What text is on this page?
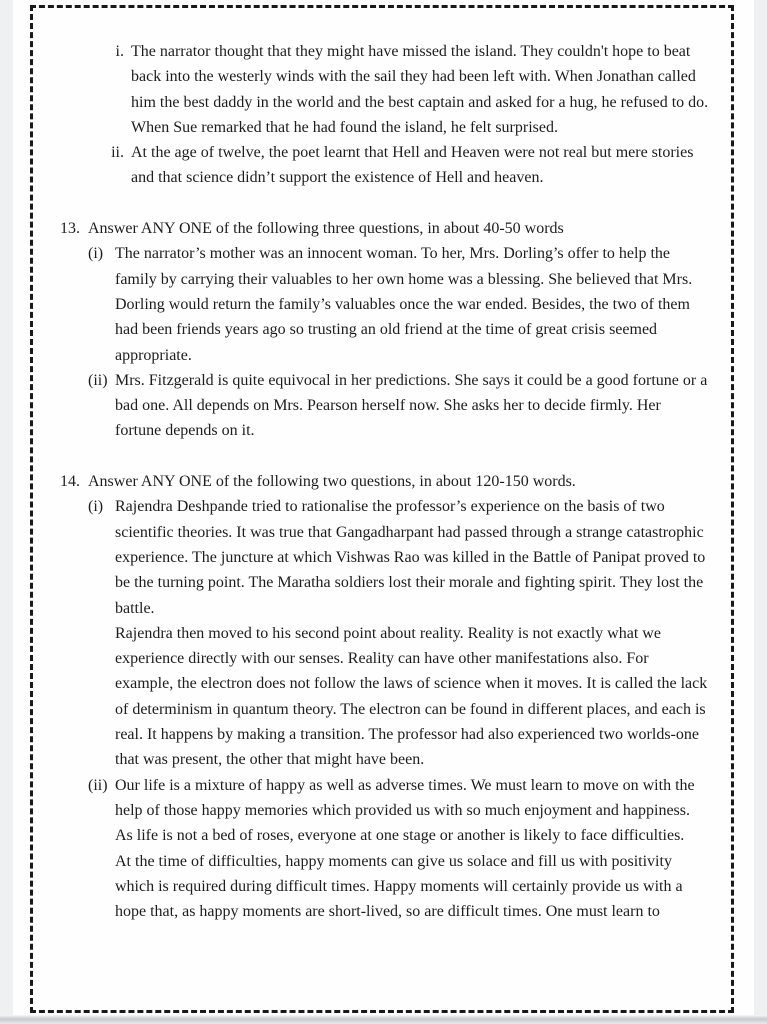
i. The narrator thought that they might have missed the island. They couldn't hope to beat back into the westerly winds with the sail they had been left with. When Jonathan called him the best daddy in the world and the best captain and asked for a hug, he refused to do. When Sue remarked that he had found the island, he felt surprised.

ii. At the age of twelve, the poet learnt that Hell and Heaven were not real but mere stories and that science didn’t support the existence of Hell and heaven.

13. Answer ANY ONE of the following three questions, in about 40-50 words
(i) The narrator’s mother was an innocent woman. To her, Mrs. Dorling’s offer to help the family by carrying their valuables to her own home was a blessing. She believed that Mrs. Dorling would return the family’s valuables once the war ended. Besides, the two of them had been friends years ago so trusting an old friend at the time of great crisis seemed appropriate.

(ii) Mrs. Fitzgerald is quite equivocal in her predictions. She says it could be a good fortune or a bad one. All depends on Mrs. Pearson herself now. She asks her to decide firmly. Her fortune depends on it.

14. Answer ANY ONE of the following two questions, in about 120-150 words.
(i) Rajendra Deshpande tried to rationalise the professor’s experience on the basis of two scientific theories. It was true that Gangadharpant had passed through a strange catastrophic experience. The juncture at which Vishwas Rao was killed in the Battle of Panipat proved to be the turning point. The Maratha soldiers lost their morale and fighting spirit. They lost the battle.

Rajendra then moved to his second point about reality. Reality is not exactly what we experience directly with our senses. Reality can have other manifestations also. For example, the electron does not follow the laws of science when it moves. It is called the lack of determinism in quantum theory. The electron can be found in different places, and each is real. It happens by making a transition. The professor had also experienced two worlds-one that was present, the other that might have been.

(ii) Our life is a mixture of happy as well as adverse times. We must learn to move on with the help of those happy memories which provided us with so much enjoyment and happiness. As life is not a bed of roses, everyone at one stage or another is likely to face difficulties.

At the time of difficulties, happy moments can give us solace and fill us with positivity which is required during difficult times. Happy moments will certainly provide us with a hope that, as happy moments are short-lived, so are difficult times. One must learn to
